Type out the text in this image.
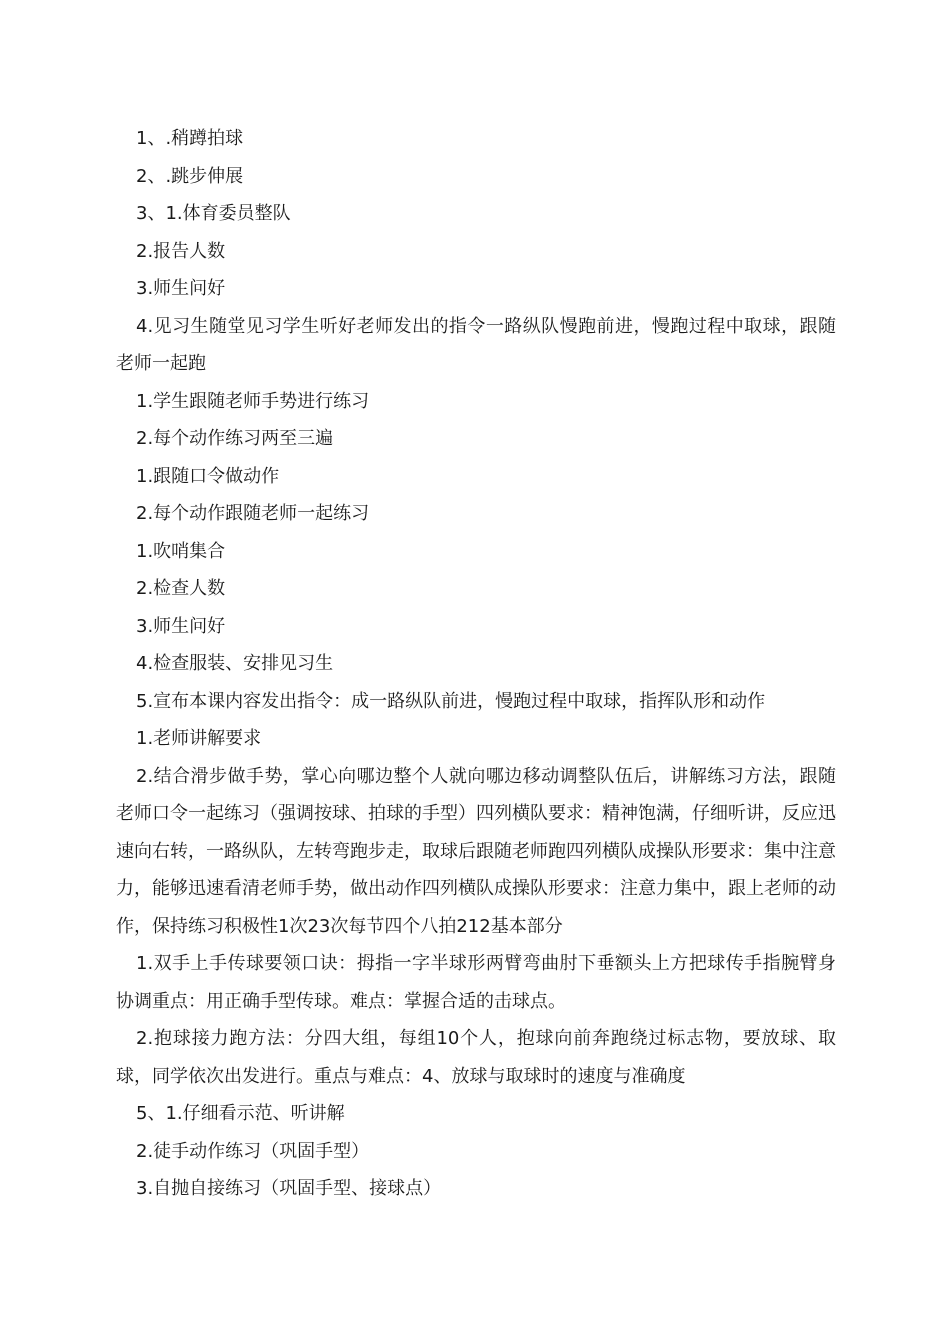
1、.稍蹲拍球

2、.跳步伸展

3、1.体育委员整队

2.报告人数

3.师生问好

4.见习生随堂见习学生听好老师发出的指令一路纵队慢跑前进，慢跑过程中取球，跟随老师一起跑

1.学生跟随老师手势进行练习

2.每个动作练习两至三遍

1.跟随口令做动作

2.每个动作跟随老师一起练习

1.吹哨集合

2.检查人数

3.师生问好

4.检查服装、安排见习生

5.宣布本课内容发出指令：成一路纵队前进，慢跑过程中取球，指挥队形和动作

1.老师讲解要求

2.结合滑步做手势，掌心向哪边整个人就向哪边移动调整队伍后，讲解练习方法，跟随老师口令一起练习（强调按球、拍球的手型）四列横队要求：精神饱满，仔细听讲，反应迅速向右转，一路纵队，左转弯跑步走，取球后跟随老师跑四列横队成操队形要求：集中注意力，能够迅速看清老师手势，做出动作四列横队成操队形要求：注意力集中，跟上老师的动作，保持练习积极性1次23次每节四个八拍212基本部分

1.双手上手传球要领口诀：拇指一字半球形两臂弯曲肘下垂额头上方把球传手指腕臂身协调重点：用正确手型传球。难点：掌握合适的击球点。

2.抱球接力跑方法：分四大组，每组10个人，抱球向前奔跑绕过标志物，要放球、取球，同学依次出发进行。重点与难点：4、放球与取球时的速度与准确度

5、1.仔细看示范、听讲解

2.徒手动作练习（巩固手型）

3.自抛自接练习（巩固手型、接球点）
